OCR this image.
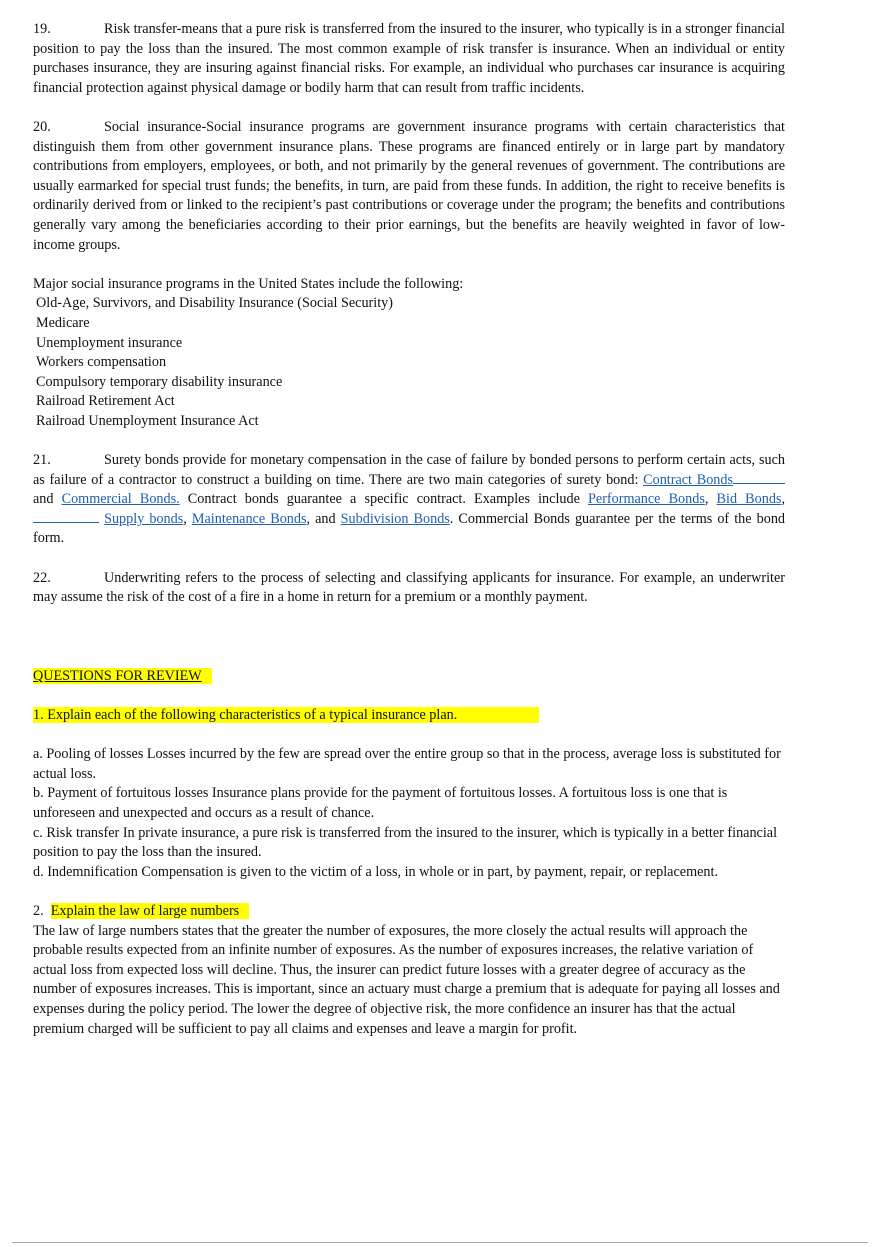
19.	Risk transfer-means that a pure risk is transferred from the insured to the insurer, who typically is in a stronger financial position to pay the loss than the insured. The most common example of risk transfer is insurance. When an individual or entity purchases insurance, they are insuring against financial risks. For example, an individual who purchases car insurance is acquiring financial protection against physical damage or bodily harm that can result from traffic incidents.

20.	Social insurance-Social insurance programs are government insurance programs with certain characteristics that distinguish them from other government insurance plans. These programs are financed entirely or in large part by mandatory contributions from employers, employees, or both, and not primarily by the general revenues of government. The contributions are usually earmarked for special trust funds; the benefits, in turn, are paid from these funds. In addition, the right to receive benefits is ordinarily derived from or linked to the recipient’s past contributions or coverage under the program; the benefits and contributions generally vary among the beneficiaries according to their prior earnings, but the benefits are heavily weighted in favor of low-income groups.

Major social insurance programs in the United States include the following:

Old-Age, Survivors, and Disability Insurance (Social Security)
Medicare
Unemployment insurance
Workers compensation
Compulsory temporary disability insurance
Railroad Retirement Act
Railroad Unemployment Insurance Act

21.	Surety bonds provide for monetary compensation in the case of failure by bonded persons to perform certain acts, such as failure of a contractor to construct a building on time. There are two main categories of surety bond: Contract Bonds and Commercial Bonds. Contract bonds guarantee a specific contract. Examples include Performance Bonds, Bid Bonds,  Supply bonds, Maintenance Bonds, and Subdivision Bonds. Commercial Bonds guarantee per the terms of the bond form.

22.	Underwriting refers to the process of selecting and classifying applicants for insurance. For example, an underwriter may assume the risk of the cost of a fire in a home in return for a premium or a monthly payment.

QUESTIONS FOR REVIEW

1. Explain each of the following characteristics of a typical insurance plan.

a. Pooling of losses Losses incurred by the few are spread over the entire group so that in the process, average loss is substituted for actual loss.

b. Payment of fortuitous losses Insurance plans provide for the payment of fortuitous losses. A fortuitous loss is one that is unforeseen and unexpected and occurs as a result of chance.

c. Risk transfer In private insurance, a pure risk is transferred from the insured to the insurer, which is typically in a better financial position to pay the loss than the insured.

d. Indemnification Compensation is given to the victim of a loss, in whole or in part, by payment, repair, or replacement.

2.  Explain the law of large numbers

The law of large numbers states that the greater the number of exposures, the more closely the actual results will approach the probable results expected from an infinite number of exposures. As the number of exposures increases, the relative variation of actual loss from expected loss will decline. Thus, the insurer can predict future losses with a greater degree of accuracy as the number of exposures increases. This is important, since an actuary must charge a premium that is adequate for paying all losses and expenses during the policy period. The lower the degree of objective risk, the more confidence an insurer has that the actual premium charged will be sufficient to pay all claims and expenses and leave a margin for profit.
